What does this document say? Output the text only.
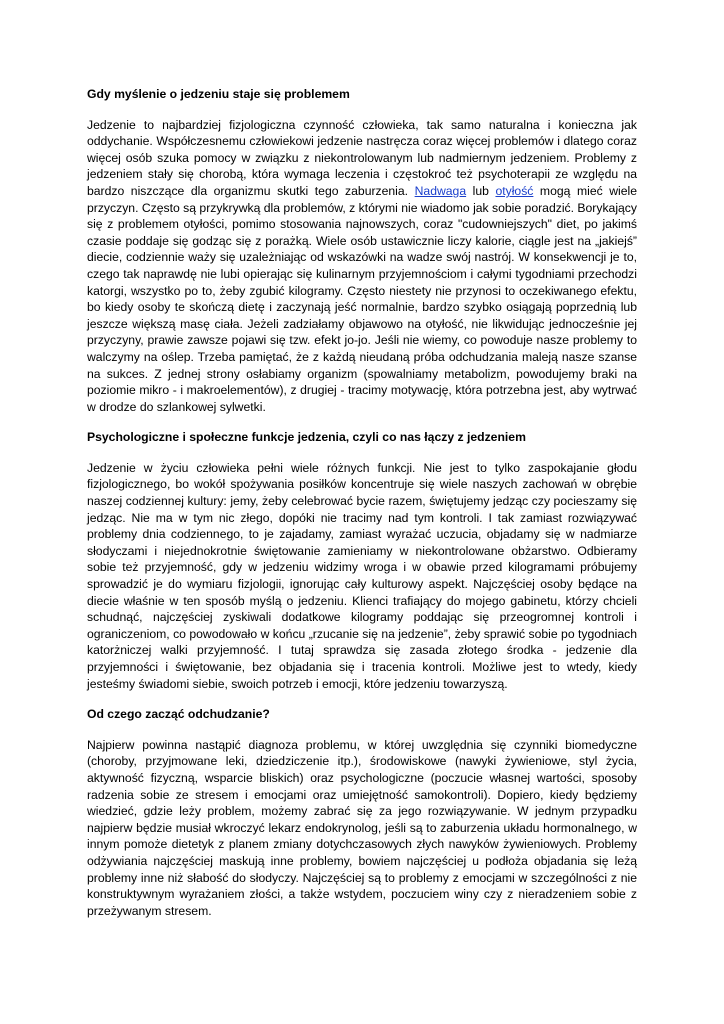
Gdy myślenie o jedzeniu staje się problemem

Jedzenie to najbardziej fizjologiczna czynność człowieka, tak samo naturalna i konieczna jak oddychanie. Współczesnemu człowiekowi jedzenie nastręcza coraz więcej problemów i dlatego coraz więcej osób szuka pomocy w związku z niekontrolowanym lub nadmiernym jedzeniem. Problemy z jedzeniem stały się chorobą, która wymaga leczenia i częstokroć też psychoterapii ze względu na bardzo niszczące dla organizmu skutki tego zaburzenia. Nadwaga lub otyłość mogą mieć wiele przyczyn. Często są przykrywką dla problemów, z którymi nie wiadomo jak sobie poradzić. Borykający się z problemem otyłości, pomimo stosowania najnowszych, coraz "cudowniejszych" diet, po jakimś czasie poddaje się godząc się z porażką. Wiele osób ustawicznie liczy kalorie, ciągle jest na „jakiejś” diecie, codziennie waży się uzależniając od wskazówki na wadze swój nastrój. W konsekwencji je to, czego tak naprawdę nie lubi opierając się kulinarnym przyjemnościom i całymi tygodniami przechodzi katorgi, wszystko po to, żeby zgubić kilogramy. Często niestety nie przynosi to oczekiwanego efektu, bo kiedy osoby te skończą dietę i zaczynają jeść normalnie, bardzo szybko osiągają poprzednią lub jeszcze większą masę ciała. Jeżeli zadziałamy objawowo na otyłość, nie likwidując jednocześnie jej przyczyny, prawie zawsze pojawi się tzw. efekt jo-jo. Jeśli nie wiemy, co powoduje nasze problemy to walczymy na oślep. Trzeba pamiętać, że z każdą nieudaną próba odchudzania maleją nasze szanse na sukces. Z jednej strony osłabiamy organizm (spowalniamy metabolizm, powodujemy braki na poziomie mikro - i makroelementów), z drugiej - tracimy motywację, która potrzebna jest, aby wytrwać w drodze do szlankowej sylwetki.

Psychologiczne i społeczne funkcje jedzenia, czyli co nas łączy z jedzeniem

Jedzenie w życiu człowieka pełni wiele różnych funkcji. Nie jest to tylko zaspokajanie głodu fizjologicznego, bo wokół spożywania posiłków koncentruje się wiele naszych zachowań w obrębie naszej codziennej kultury: jemy, żeby celebrować bycie razem, świętujemy jedząc czy pocieszamy się jedząc. Nie ma w tym nic złego, dopóki nie tracimy nad tym kontroli. I tak zamiast rozwiązywać problemy dnia codziennego, to je zajadamy, zamiast wyrażać uczucia, objadamy się w nadmiarze słodyczami i niejednokrotnie świętowanie zamieniamy w niekontrolowane obżarstwo. Odbieramy sobie też przyjemność, gdy w jedzeniu widzimy wroga i w obawie przed kilogramami próbujemy sprowadzić je do wymiaru fizjologii, ignorując cały kulturowy aspekt. Najczęściej osoby będące na diecie właśnie w ten sposób myślą o jedzeniu. Klienci trafiający do mojego gabinetu, którzy chcieli schudnąć, najczęściej zyskiwali dodatkowe kilogramy poddając się przeogromnej kontroli i ograniczeniom, co powodowało w końcu „rzucanie się na jedzenie”, żeby sprawić sobie po tygodniach katorżniczej walki przyjemność. I tutaj sprawdza się zasada złotego środka - jedzenie dla przyjemności i świętowanie, bez objadania się i tracenia kontroli. Możliwe jest to wtedy, kiedy jesteśmy świadomi siebie, swoich potrzeb i emocji, które jedzeniu towarzyszą.

Od czego zacząć odchudzanie?

Najpierw powinna nastąpić diagnoza problemu, w której uwzględnia się czynniki biomedyczne (choroby, przyjmowane leki, dziedziczenie itp.), środowiskowe (nawyki żywieniowe, styl życia, aktywność fizyczną, wsparcie bliskich) oraz psychologiczne (poczucie własnej wartości, sposoby radzenia sobie ze stresem i emocjami oraz umiejętność samokontroli). Dopiero, kiedy będziemy wiedzieć, gdzie leży problem, możemy zabrać się za jego rozwiązywanie. W jednym przypadku najpierw będzie musiał wkroczyć lekarz endokrynolog, jeśli są to zaburzenia układu hormonalnego, w innym pomoże dietetyk z planem zmiany dotychczasowych złych nawyków żywieniowych. Problemy odżywiania najczęściej maskują inne problemy, bowiem najczęściej u podłoża objadania się leżą problemy inne niż słabość do słodyczy. Najczęściej są to problemy z emocjami w szczególności z nie konstruktywnym wyrażaniem złości, a także wstydem, poczuciem winy czy z nieradzeniem sobie z przeżywanym stresem.
